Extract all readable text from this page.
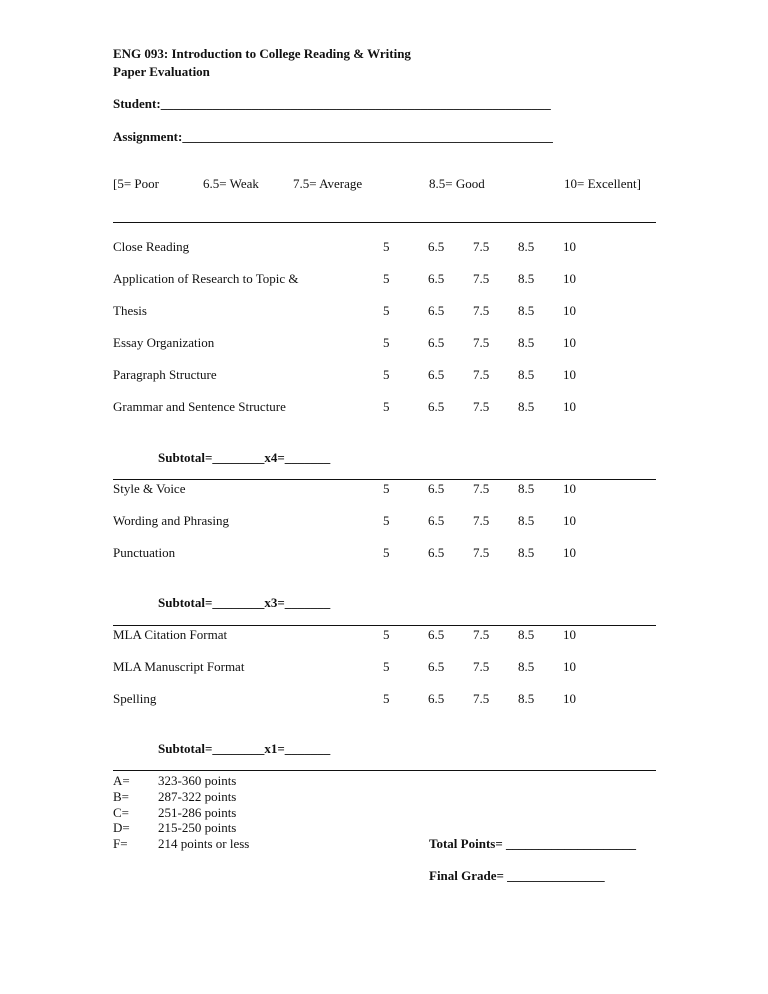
ENG 093: Introduction to College Reading & Writing
Paper Evaluation
Student:____________________________________________________________
Assignment:_________________________________________________________
[5= Poor	6.5= Weak	7.5= Average	8.5= Good	10= Excellent]
Close Reading	5	6.5 7.5 8.5 10
Application of Research to Topic &	5	6.5 7.5 8.5 10
Thesis	5	6.5 7.5 8.5 10
Essay Organization	5	6.5 7.5 8.5 10
Paragraph Structure	5	6.5 7.5 8.5 10
Grammar and Sentence Structure	5	6.5 7.5 8.5 10
Subtotal=________x4=_______
Style & Voice	5	6.5 7.5 8.5 10
Wording and Phrasing	5	6.5 7.5 8.5 10
Punctuation	5	6.5 7.5 8.5 10
Subtotal=________x3=_______
MLA Citation Format	5	6.5 7.5 8.5 10
MLA Manuscript Format	5	6.5 7.5 8.5 10
Spelling	5	6.5 7.5 8.5 10
Subtotal=________x1=_______
A= 323-360 points
B= 287-322 points
C= 251-286 points
D= 215-250 points
F= 214 points or less	Total Points= ____________________
Final Grade= _______________
